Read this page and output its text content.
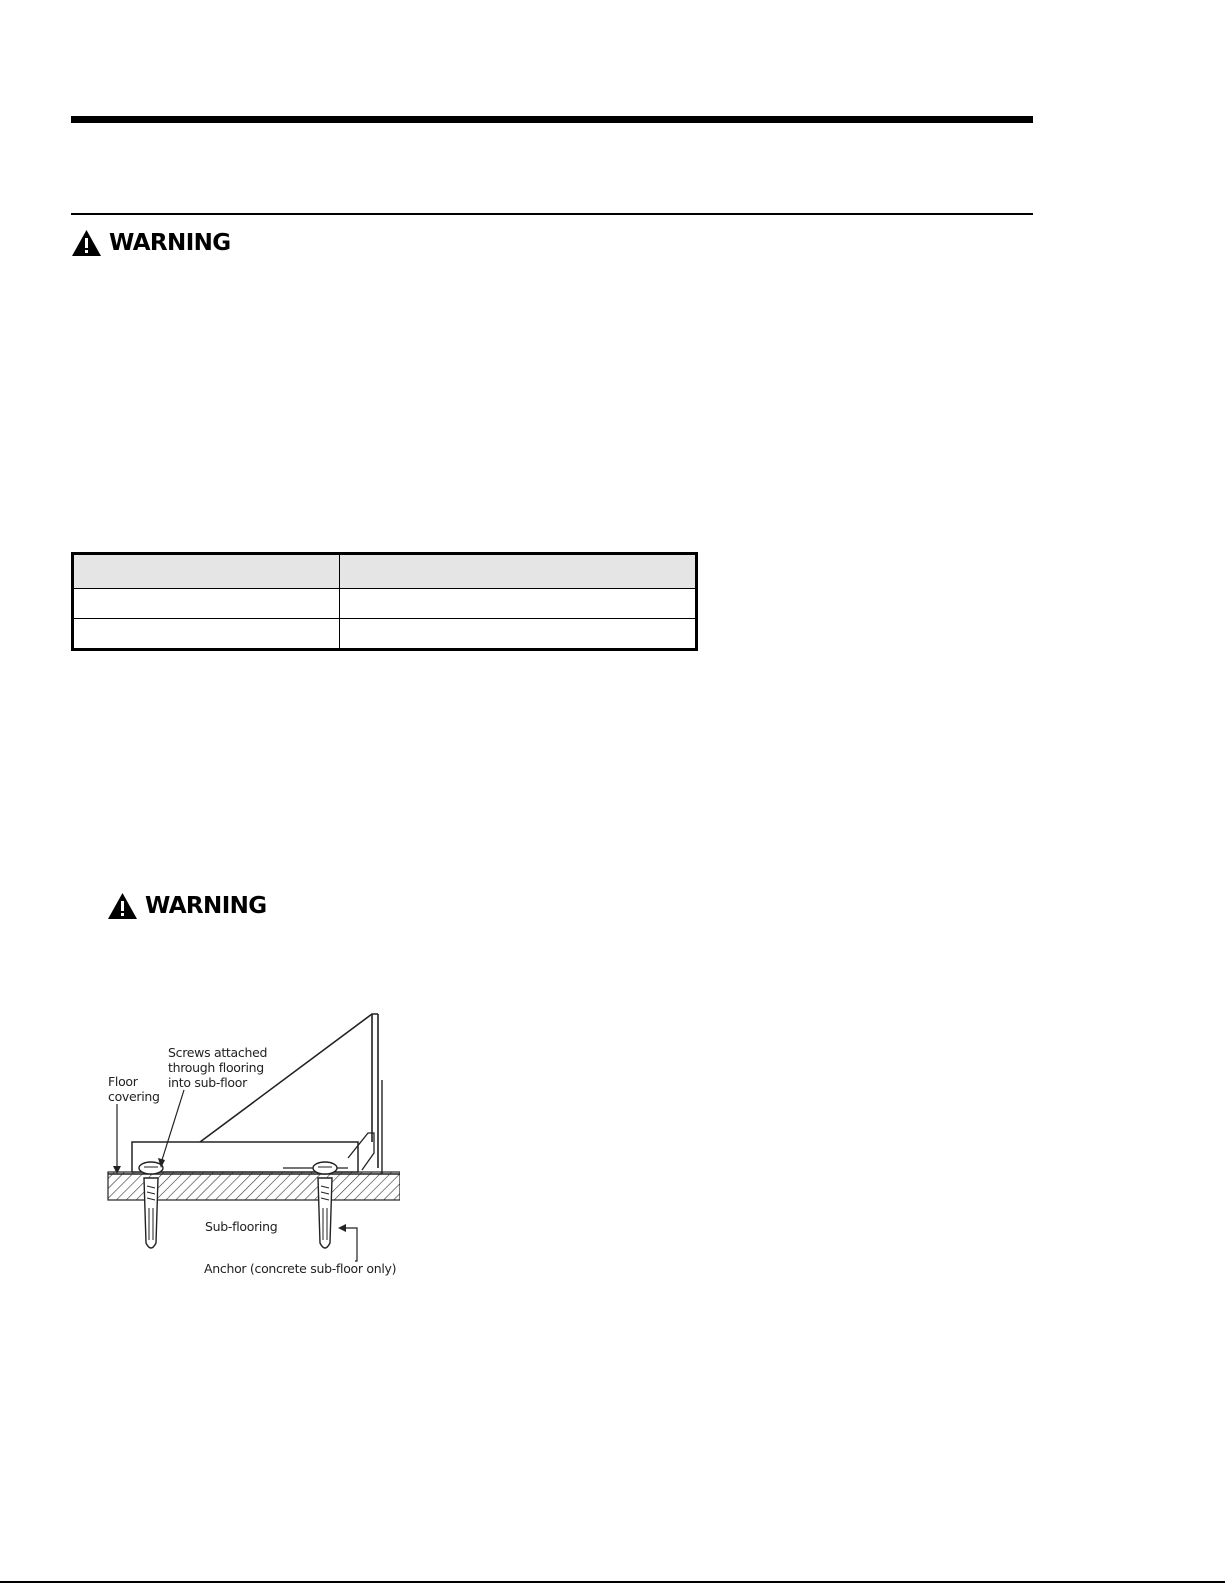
WARNING

WARNING
Floor
covering
Screws attached
through flooring
into sub-floor
Sub-flooring
Anchor (concrete sub-floor only)
